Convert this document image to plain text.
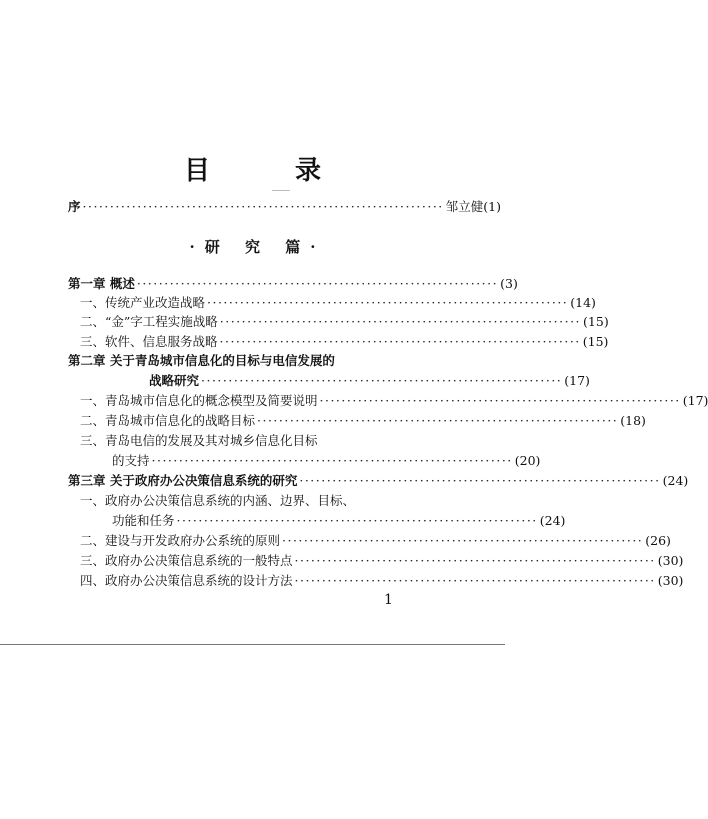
目 录
序 ·································································· 邹立健(1)
·研 究 篇·
第一章 概述 ·································································· (3)
一、传统产业改造战略 ·································································· (14)
二、“金”字工程实施战略 ·································································· (15)
三、软件、信息服务战略 ·································································· (15)
第二章 关于青岛城市信息化的目标与电信发展的
战略研究 ·································································· (17)
一、青岛城市信息化的概念模型及简要说明 ·································································· (17)
二、青岛城市信息化的战略目标 ·································································· (18)
三、青岛电信的发展及其对城乡信息化目标
的支持 ·································································· (20)
第三章 关于政府办公决策信息系统的研究 ·································································· (24)
一、政府办公决策信息系统的内涵、边界、目标、
功能和任务 ·································································· (24)
二、建设与开发政府办公系统的原则 ·································································· (26)
三、政府办公决策信息系统的一般特点 ·································································· (30)
四、政府办公决策信息系统的设计方法 ·································································· (30)
1
